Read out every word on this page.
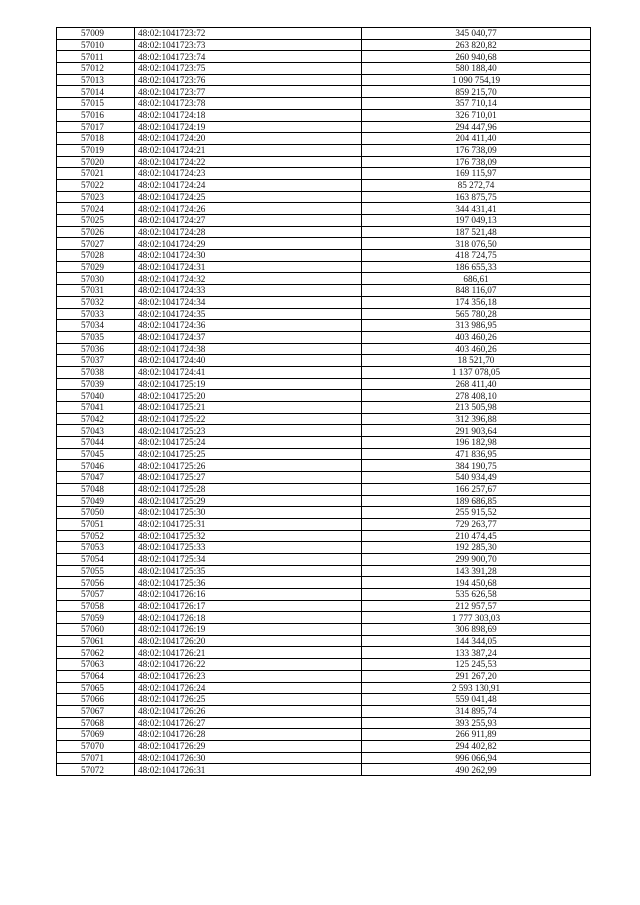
57009	48:02:1041723:72	345 040,77
57010	48:02:1041723:73	263 820,82
57011	48:02:1041723:74	260 940,68
57012	48:02:1041723:75	580 188,40
57013	48:02:1041723:76	1 090 754,19
57014	48:02:1041723:77	859 215,70
57015	48:02:1041723:78	357 710,14
57016	48:02:1041724:18	326 710,01
57017	48:02:1041724:19	294 447,96
57018	48:02:1041724:20	204 411,40
57019	48:02:1041724:21	176 738,09
57020	48:02:1041724:22	176 738,09
57021	48:02:1041724:23	169 115,97
57022	48:02:1041724:24	85 272,74
57023	48:02:1041724:25	163 875,75
57024	48:02:1041724:26	344 431,41
57025	48:02:1041724:27	197 049,13
57026	48:02:1041724:28	187 521,48
57027	48:02:1041724:29	318 076,50
57028	48:02:1041724:30	418 724,75
57029	48:02:1041724:31	186 655,33
57030	48:02:1041724:32	686,61
57031	48:02:1041724:33	848 116,07
57032	48:02:1041724:34	174 356,18
57033	48:02:1041724:35	565 780,28
57034	48:02:1041724:36	313 986,95
57035	48:02:1041724:37	403 460,26
57036	48:02:1041724:38	403 460,26
57037	48:02:1041724:40	18 521,70
57038	48:02:1041724:41	1 137 078,05
57039	48:02:1041725:19	268 411,40
57040	48:02:1041725:20	278 408,10
57041	48:02:1041725:21	213 505,98
57042	48:02:1041725:22	312 396,88
57043	48:02:1041725:23	291 903,64
57044	48:02:1041725:24	196 182,98
57045	48:02:1041725:25	471 836,95
57046	48:02:1041725:26	384 190,75
57047	48:02:1041725:27	540 934,49
57048	48:02:1041725:28	166 257,67
57049	48:02:1041725:29	189 686,85
57050	48:02:1041725:30	255 915,52
57051	48:02:1041725:31	729 263,77
57052	48:02:1041725:32	210 474,45
57053	48:02:1041725:33	192 285,30
57054	48:02:1041725:34	299 900,70
57055	48:02:1041725:35	143 391,28
57056	48:02:1041725:36	194 450,68
57057	48:02:1041726:16	535 626,58
57058	48:02:1041726:17	212 957,57
57059	48:02:1041726:18	1 777 303,03
57060	48:02:1041726:19	306 898,69
57061	48:02:1041726:20	144 344,05
57062	48:02:1041726:21	133 387,24
57063	48:02:1041726:22	125 245,53
57064	48:02:1041726:23	291 267,20
57065	48:02:1041726:24	2 593 130,91
57066	48:02:1041726:25	559 041,48
57067	48:02:1041726:26	314 895,74
57068	48:02:1041726:27	393 255,93
57069	48:02:1041726:28	266 911,89
57070	48:02:1041726:29	294 402,82
57071	48:02:1041726:30	996 066,94
57072	48:02:1041726:31	490 262,99
